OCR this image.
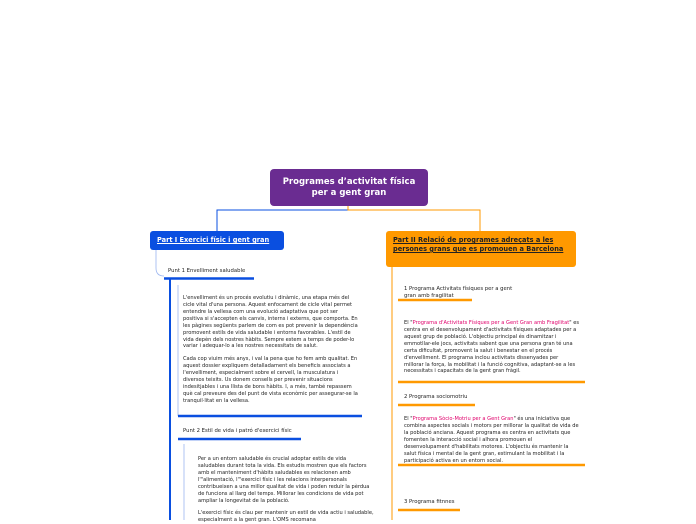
Programes d’activitat física per a gent gran
Part I Exercici físic i gent gran	Part II Relació de programes adreçats a les persones grans que es promouen a Barcelona
Punt 1 Envelliment saludable

L'envelliment és un procés evolutiu i dinàmic, una etapa més del cicle vital d'una persona. Aquest enfocament de cicle vital permet entendre la vellesa com una evolució adaptativa que pot ser positiva si s'accepten els canvis, interns i externs, que comporta. En les pàgines següents parlem de com es pot prevenir la dependència promovent estils de vida saludable i entorns favorables. L'estil de vida depèn dels nostres hàbits. Sempre estem a temps de poder-lo variar i adequar-lo a les nostres necessitats de salut.

Cada cop viuim més anys, i val la pena que ho fem amb qualitat. En aquest dossier expliquem detalladament els beneficis associats a l'envelliment, especialment sobre el cervell, la musculatura i diversos teixits. Us donem consells per prevenir situacions indesitjables i una llista de bons hàbits. I, a més, també repassem què cal preveure des del punt de vista econòmic per assegurar-se la tranquil·litat en la vellesa.

Punt 2 Estil de vida i patró d'exercici físic

Per a un entorn saludable és crucial adoptar estils de vida saludables durant tota la vida. Els estudis mostren que els factors amb el manteniment d'hàbits saludables es relacionen amb l'"alimentació, l'"exercici físic i les relacions interpersonals contribueixen a una millor qualitat de vida i poden reduir la pèrdua de funcions al llarg del temps. Millorar les condicions de vida pot ampliar la longevitat de la població.

L'exercici físic és clau per mantenir un estil de vida actiu i saludable, especialment a la gent gran. L'OMS recomana

1 Programa Activitats físiques per a gent gran amb fragilitat

El "Programa d'Activitats Físiques per a Gent Gran amb Fragilitat" es centra en el desenvolupament d'activitats físiques adaptades per a aquest grup de població. L'objectiu principal és dinamitzar i emmotllar-ele jocs, activitats sabent que una persona gran té una certa dificultat, promovent la salut i benestar en el procés d'envelliment. El programa inclou activitats dissenyades per millorar la força, la mobilitat i la funció cognitiva, adaptant-se a les necessitats i capacitats de la gent gran fràgil.

2 Programa sociomotriu

El "Programa Sòcio-Motriu per a Gent Gran" és una iniciativa que combina aspectes socials i motors per millorar la qualitat de vida de la població anciana. Aquest programa es centra en activitats que fomenten la interacció social i alhora promouen el desenvolupament d'habilitats motores. L'objectiu és mantenir la salut física i mental de la gent gran, estimulant la mobilitat i la participació activa en un entorn social.

3 Programa fitnnes
